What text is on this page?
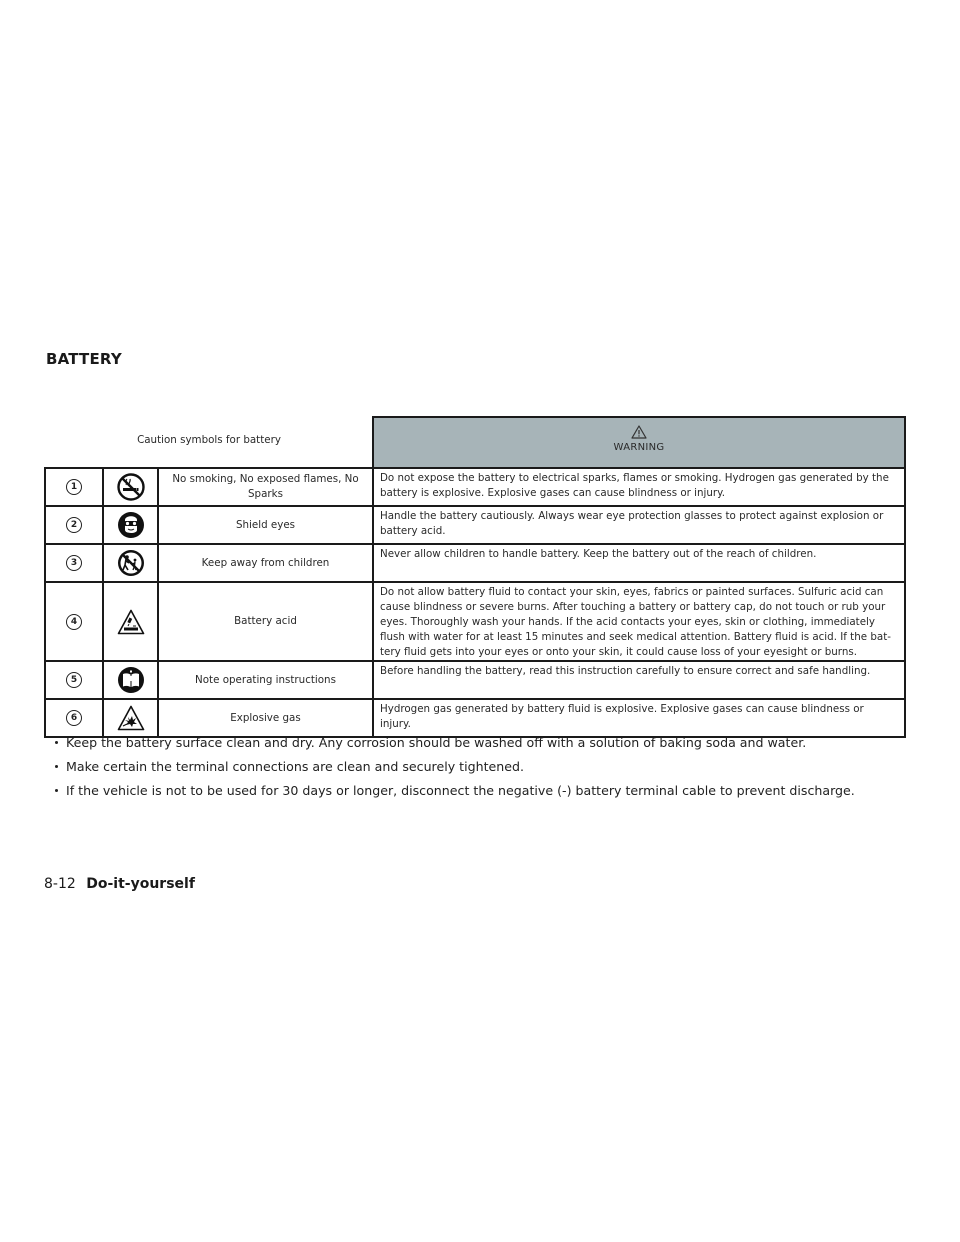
BATTERY
Caution symbols for battery			WARNING

1		No smoking, No exposed flames, No Sparks	Do not expose the battery to electrical sparks, flames or smoking. Hydrogen gas generated by the battery is explosive. Explosive gases can cause blindness or injury.
2		Shield eyes	Handle the battery cautiously. Always wear eye protection glasses to protect against explosion or battery acid.
3		Keep away from children	Never allow children to handle battery. Keep the battery out of the reach of children.
4		Battery acid	Do not allow battery fluid to contact your skin, eyes, fabrics or painted surfaces. Sulfuric acid can cause blindness or severe burns. After touching a battery or battery cap, do not touch or rub your eyes. Thoroughly wash your hands. If the acid contacts your eyes, skin or clothing, immediately flush with water for at least 15 minutes and seek medical attention. Battery fluid is acid. If the bat- tery fluid gets into your eyes or onto your skin, it could cause loss of your eyesight or burns.
5		Note operating instructions	Before handling the battery, read this instruction carefully to ensure correct and safe handling.
6		Explosive gas	Hydrogen gas generated by battery fluid is explosive. Explosive gases can cause blindness or injury.
Keep the battery surface clean and dry. Any corrosion should be washed off with a solution of baking soda and water.
Make certain the terminal connections are clean and securely tightened.
If the vehicle is not to be used for 30 days or longer, disconnect the negative (-) battery terminal cable to prevent discharge.
8-12 Do-it-yourself
